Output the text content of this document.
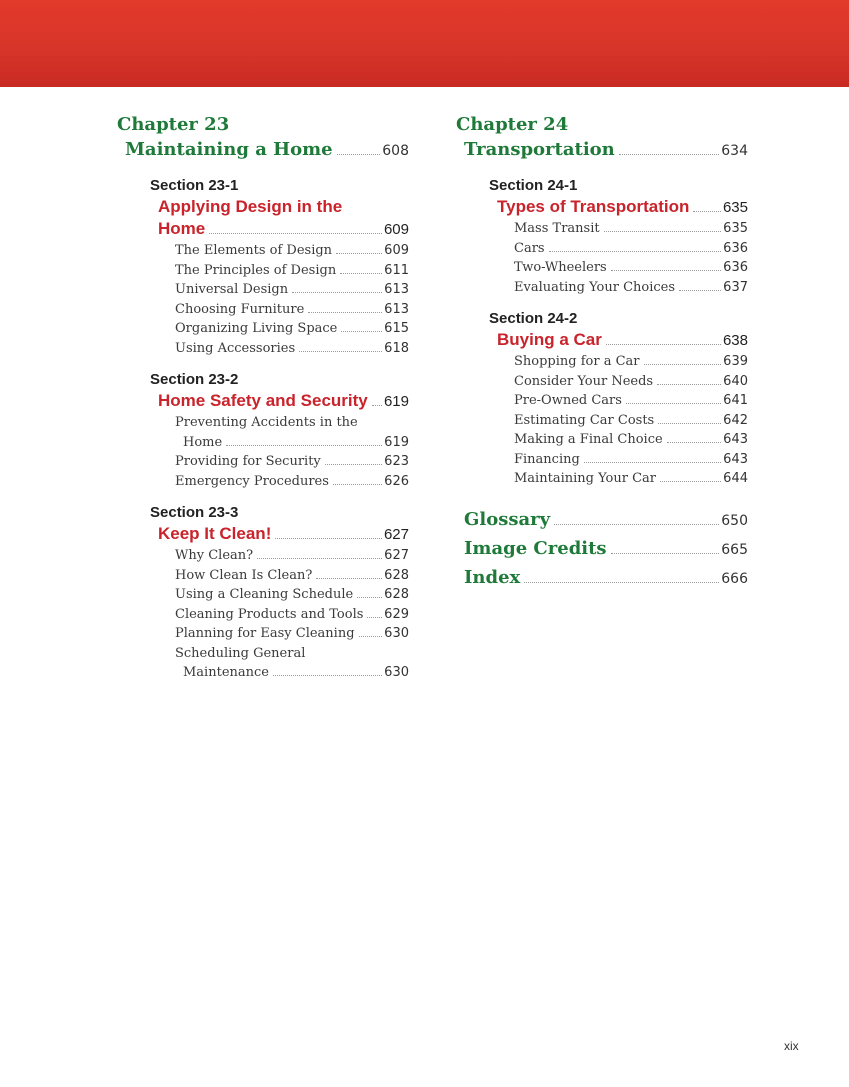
Chapter 23
Maintaining a Home	608
Section 23-1
Applying Design in the
Home	609
The Elements of Design	609
The Principles of Design	611
Universal Design	613
Choosing Furniture	613
Organizing Living Space	615
Using Accessories	618
Section 23-2
Home Safety and Security 619
Preventing Accidents in the
Home	619
Providing for Security	623
Emergency Procedures	626
Section 23-3
Keep It Clean!	627
Why Clean?	627
How Clean Is Clean?	628
Using a Cleaning Schedule 628
Cleaning Products and Tools 629
Planning for Easy Cleaning 630
Scheduling General
Maintenance	630
Chapter 24
Transportation	634
Section 24-1
Types of Transportation 635
Mass Transit	635
Cars	636
Two-Wheelers	636
Evaluating Your Choices	637
Section 24-2
Buying a Car	638
Shopping for a Car	639
Consider Your Needs	640
Pre-Owned Cars	641
Estimating Car Costs	642
Making a Final Choice	643
Financing	643
Maintaining Your Car	644
Glossary	650
Image Credits	665
Index	666
xix
